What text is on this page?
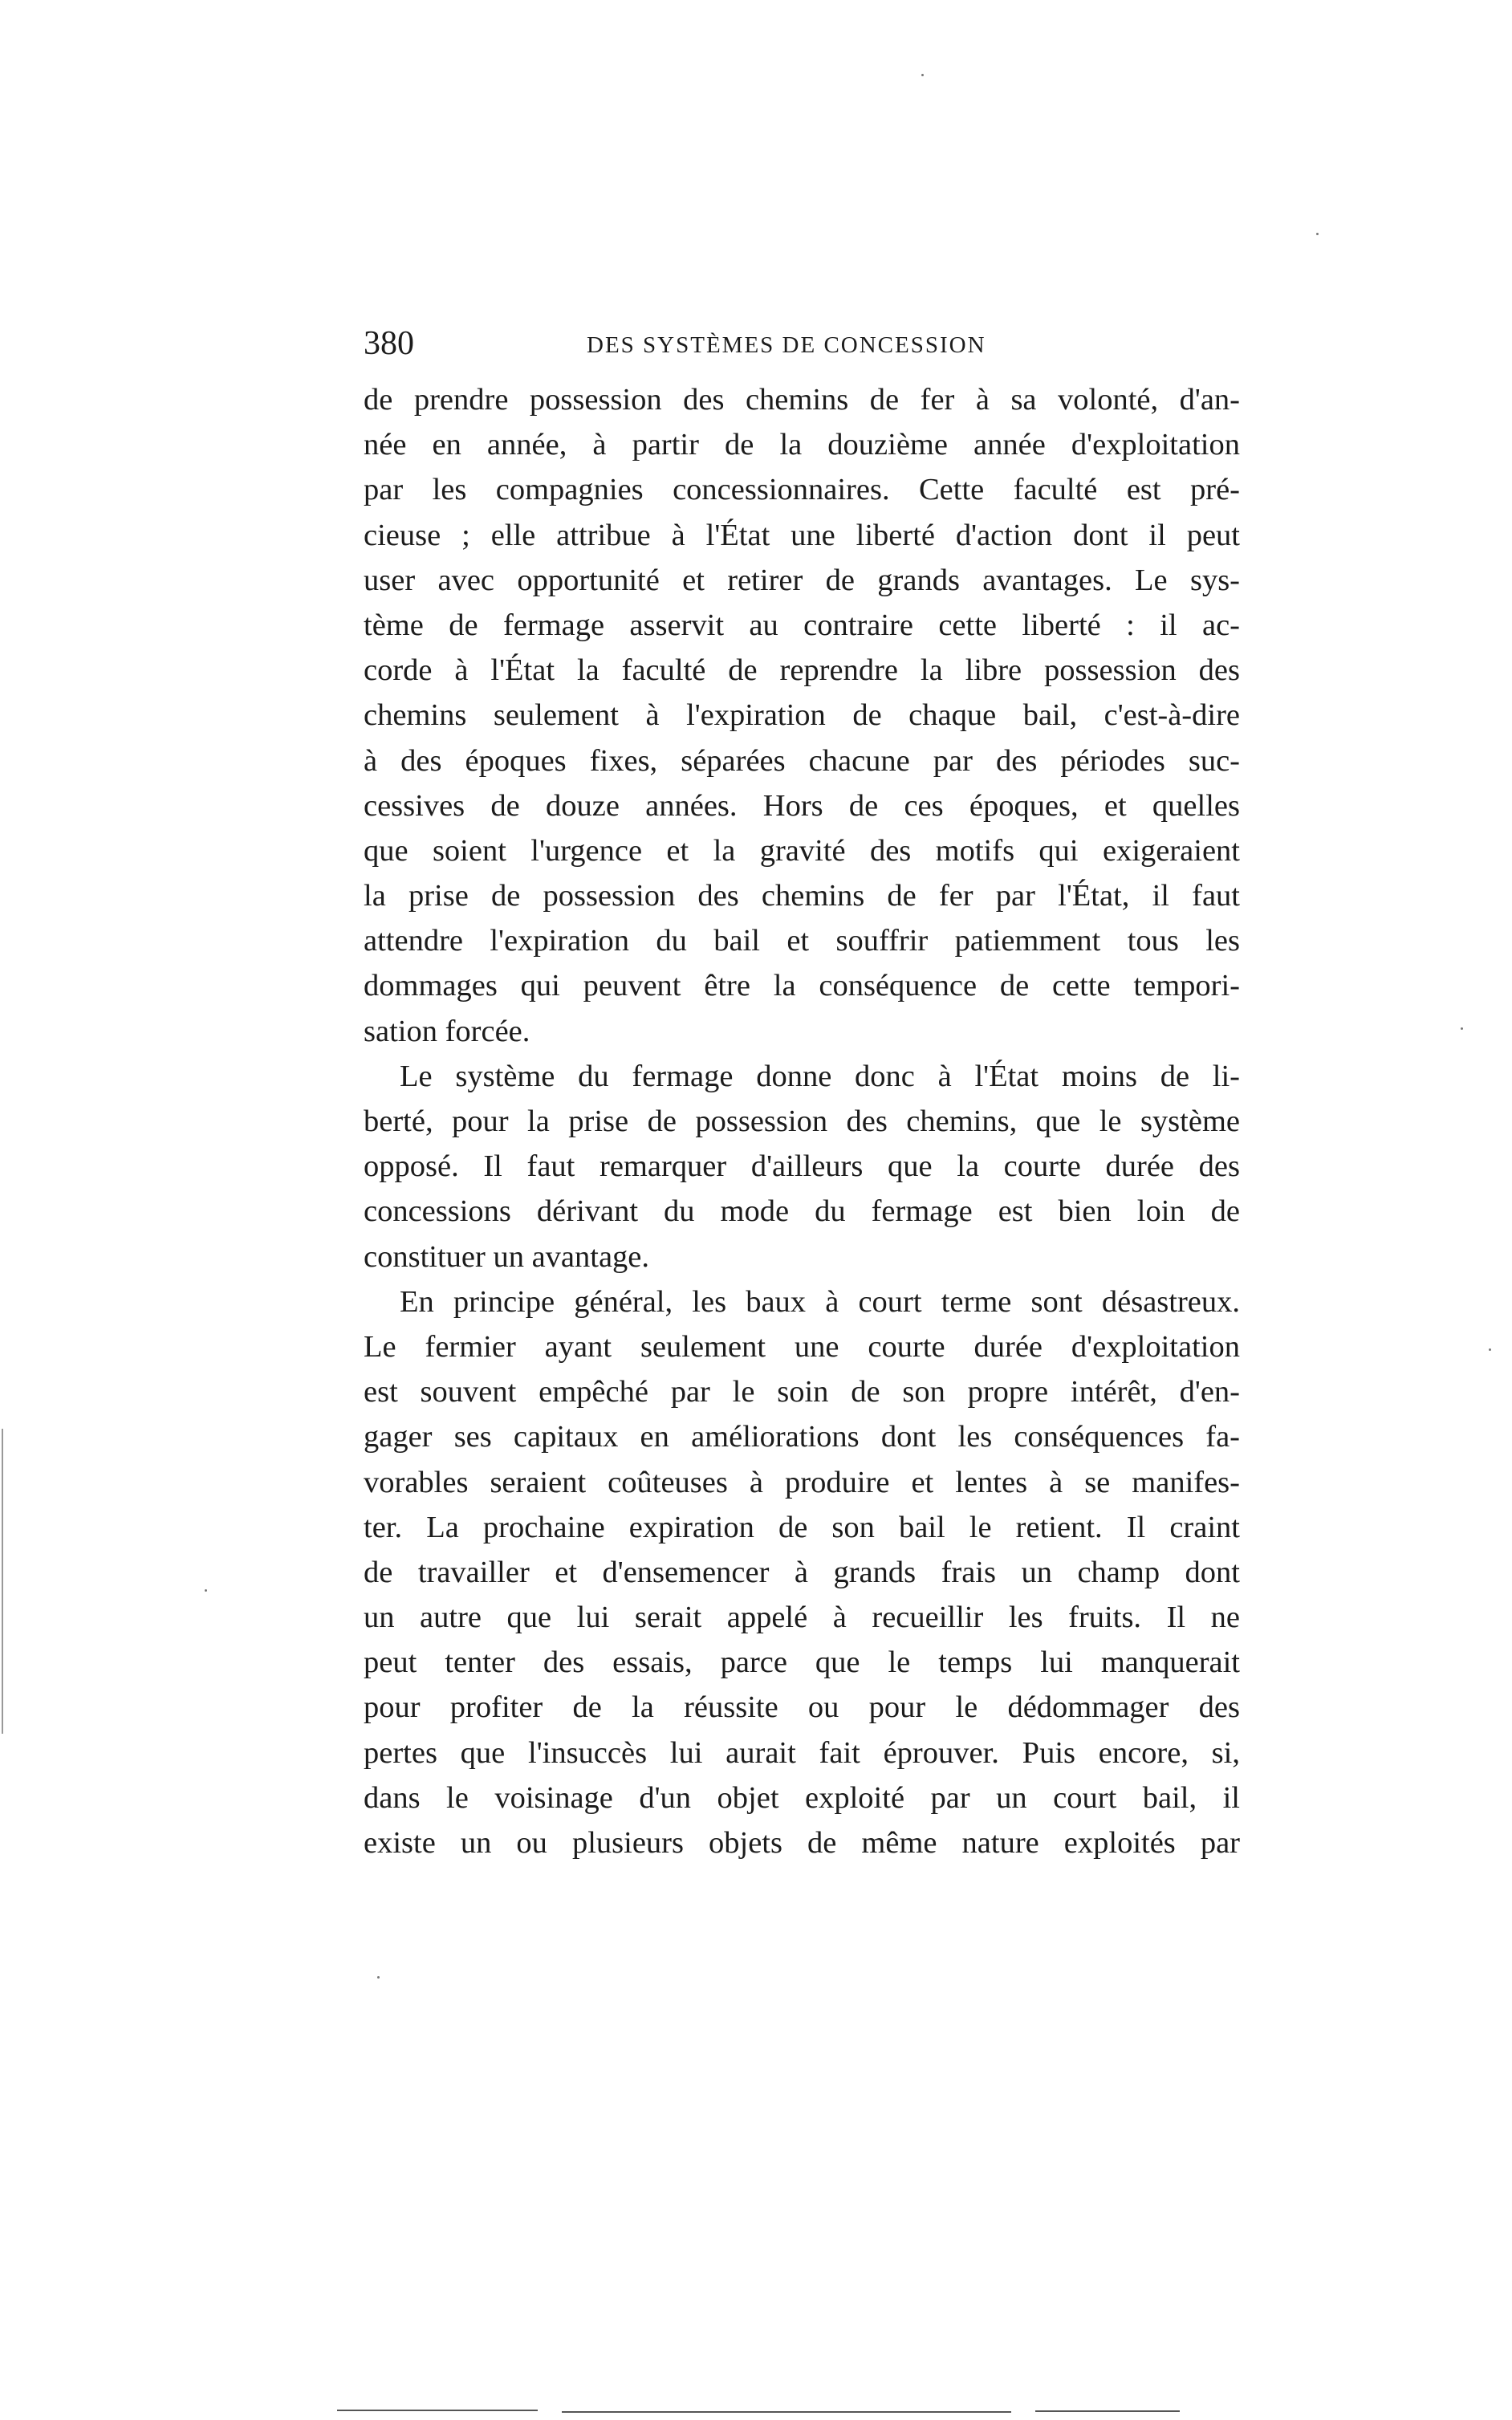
380	DES SYSTÈMES DE CONCESSION
de prendre possession des chemins de fer à sa volonté, d'an-
née en année, à partir de la douzième année d'exploitation
par les compagnies concessionnaires. Cette faculté est pré-
cieuse ; elle attribue à l'État une liberté d'action dont il peut
user avec opportunité et retirer de grands avantages. Le sys-
tème de fermage asservit au contraire cette liberté : il ac-
corde à l'État la faculté de reprendre la libre possession des
chemins seulement à l'expiration de chaque bail, c'est-à-dire
à des époques fixes, séparées chacune par des périodes suc-
cessives de douze années. Hors de ces époques, et quelles
que soient l'urgence et la gravité des motifs qui exigeraient
la prise de possession des chemins de fer par l'État, il faut
attendre l'expiration du bail et souffrir patiemment tous les
dommages qui peuvent être la conséquence de cette tempori-
sation forcée.
Le système du fermage donne donc à l'État moins de li-
berté, pour la prise de possession des chemins, que le système
opposé. Il faut remarquer d'ailleurs que la courte durée des
concessions dérivant du mode du fermage est bien loin de
constituer un avantage.
En principe général, les baux à court terme sont désastreux.
Le fermier ayant seulement une courte durée d'exploitation
est souvent empêché par le soin de son propre intérêt, d'en-
gager ses capitaux en améliorations dont les conséquences fa-
vorables seraient coûteuses à produire et lentes à se manifes-
ter. La prochaine expiration de son bail le retient. Il craint
de travailler et d'ensemencer à grands frais un champ dont
un autre que lui serait appelé à recueillir les fruits. Il ne
peut tenter des essais, parce que le temps lui manquerait
pour profiter de la réussite ou pour le dédommager des
pertes que l'insuccès lui aurait fait éprouver. Puis encore, si,
dans le voisinage d'un objet exploité par un court bail, il
existe un ou plusieurs objets de même nature exploités par
